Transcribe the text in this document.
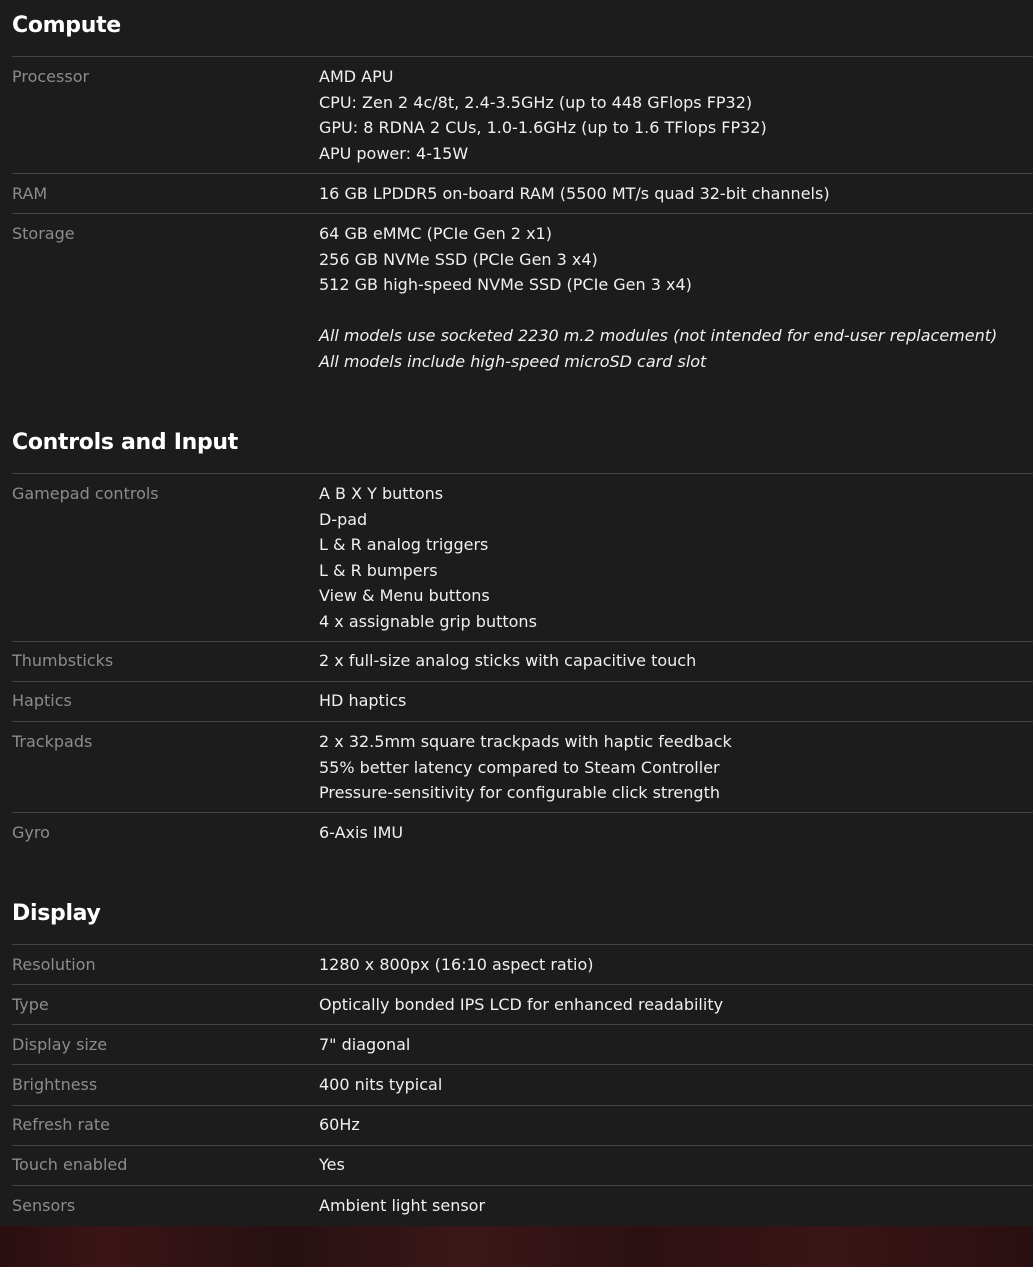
Compute
Processor	AMD APU
CPU: Zen 2 4c/8t, 2.4-3.5GHz (up to 448 GFlops FP32)
GPU: 8 RDNA 2 CUs, 1.0-1.6GHz (up to 1.6 TFlops FP32)
APU power: 4-15W
RAM	16 GB LPDDR5 on-board RAM (5500 MT/s quad 32-bit channels)
Storage	64 GB eMMC (PCIe Gen 2 x1)
256 GB NVMe SSD (PCIe Gen 3 x4)
512 GB high-speed NVMe SSD (PCIe Gen 3 x4)
All models use socketed 2230 m.2 modules (not intended for end-user replacement)
All models include high-speed microSD card slot
Controls and Input
Gamepad controls	A B X Y buttons
D-pad
L & R analog triggers
L & R bumpers
View & Menu buttons
4 x assignable grip buttons
Thumbsticks	2 x full-size analog sticks with capacitive touch
Haptics	HD haptics
Trackpads	2 x 32.5mm square trackpads with haptic feedback
55% better latency compared to Steam Controller
Pressure-sensitivity for configurable click strength
Gyro	6-Axis IMU
Display
Resolution	1280 x 800px (16:10 aspect ratio)
Type	Optically bonded IPS LCD for enhanced readability
Display size	7" diagonal
Brightness	400 nits typical
Refresh rate	60Hz
Touch enabled	Yes
Sensors	Ambient light sensor
